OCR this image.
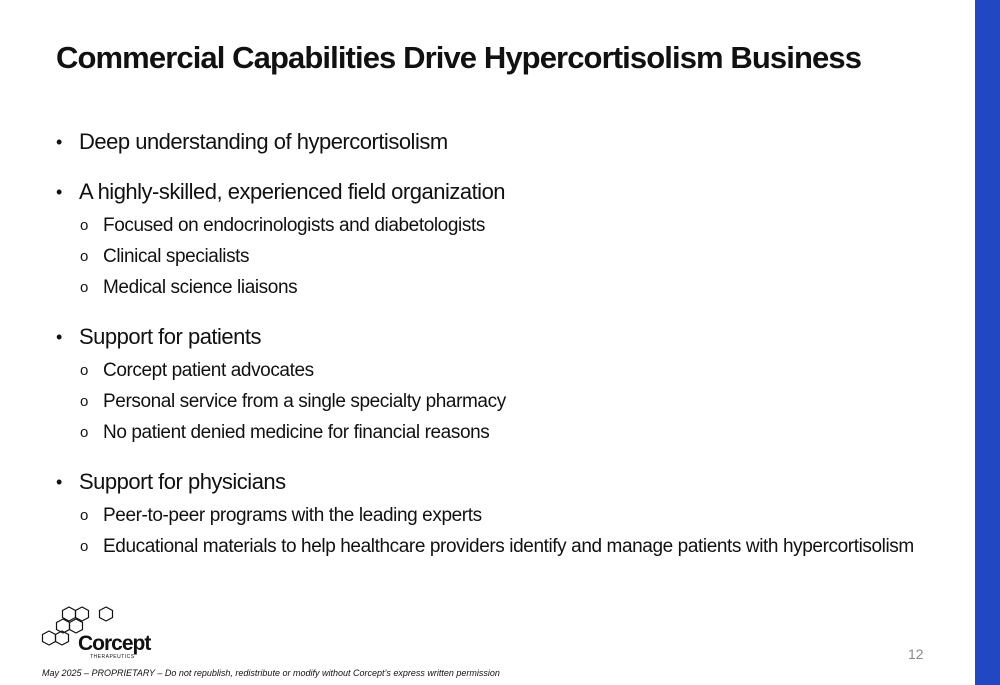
Commercial Capabilities Drive Hypercortisolism Business
• Deep understanding of hypercortisolism
• A highly-skilled, experienced field organization
o Focused on endocrinologists and diabetologists
o Clinical specialists
o Medical science liaisons
• Support for patients
o Corcept patient advocates
o Personal service from a single specialty pharmacy
o No patient denied medicine for financial reasons
• Support for physicians
o Peer-to-peer programs with the leading experts
o Educational materials to help healthcare providers identify and manage patients with hypercortisolism
Corcept
THERAPEUTICS	12
May 2025 – PROPRIETARY – Do not republish, redistribute or modify without Corcept’s express written permission
